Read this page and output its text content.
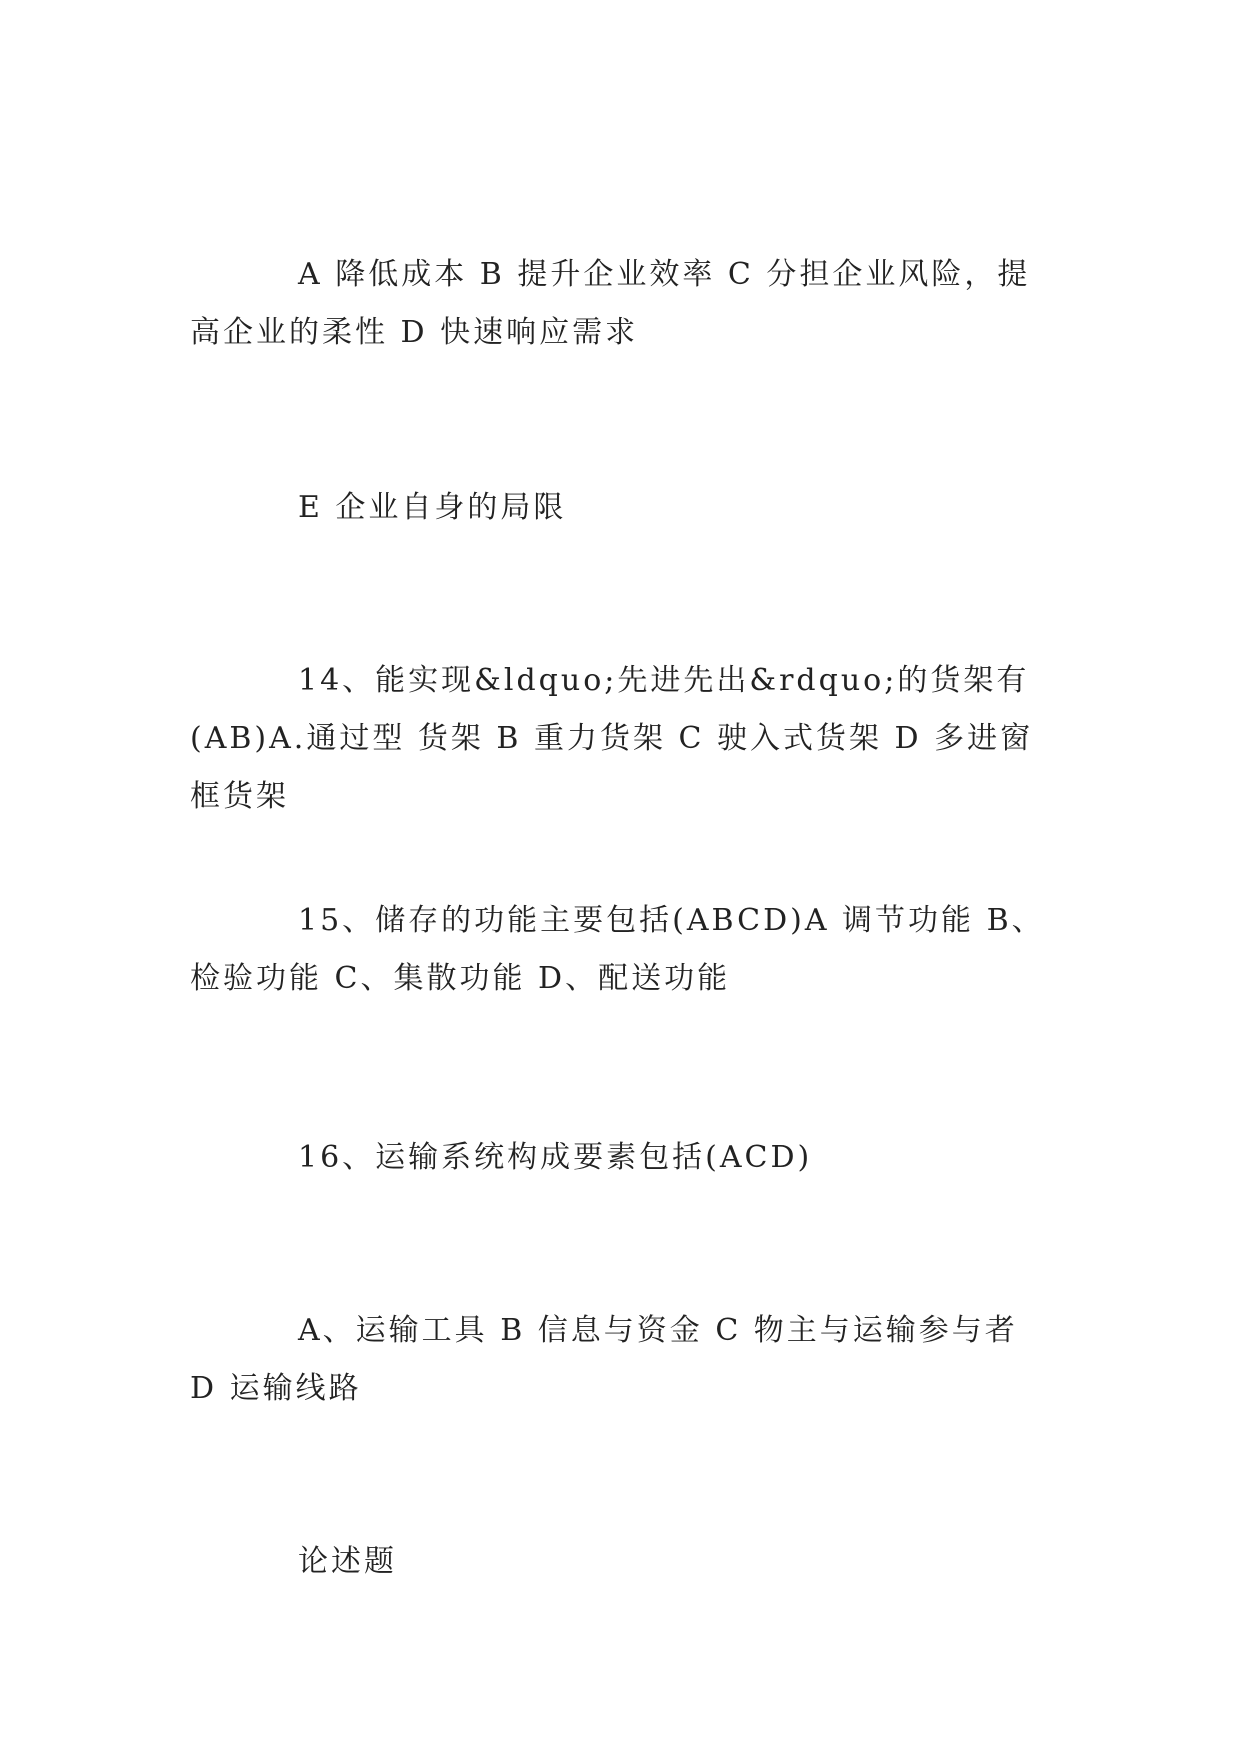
A 降低成本 B 提升企业效率 C 分担企业风险，提高企业的柔性 D 快速响应需求

E 企业自身的局限

14、能实现&ldquo;先进先出&rdquo;的货架有(AB)A.通过型 货架 B 重力货架 C 驶入式货架 D 多进窗框货架

15、储存的功能主要包括(ABCD)A 调节功能 B、检验功能 C、集散功能 D、配送功能

16、运输系统构成要素包括(ACD)

A、运输工具 B 信息与资金 C 物主与运输参与者 D 运输线路

论述题
